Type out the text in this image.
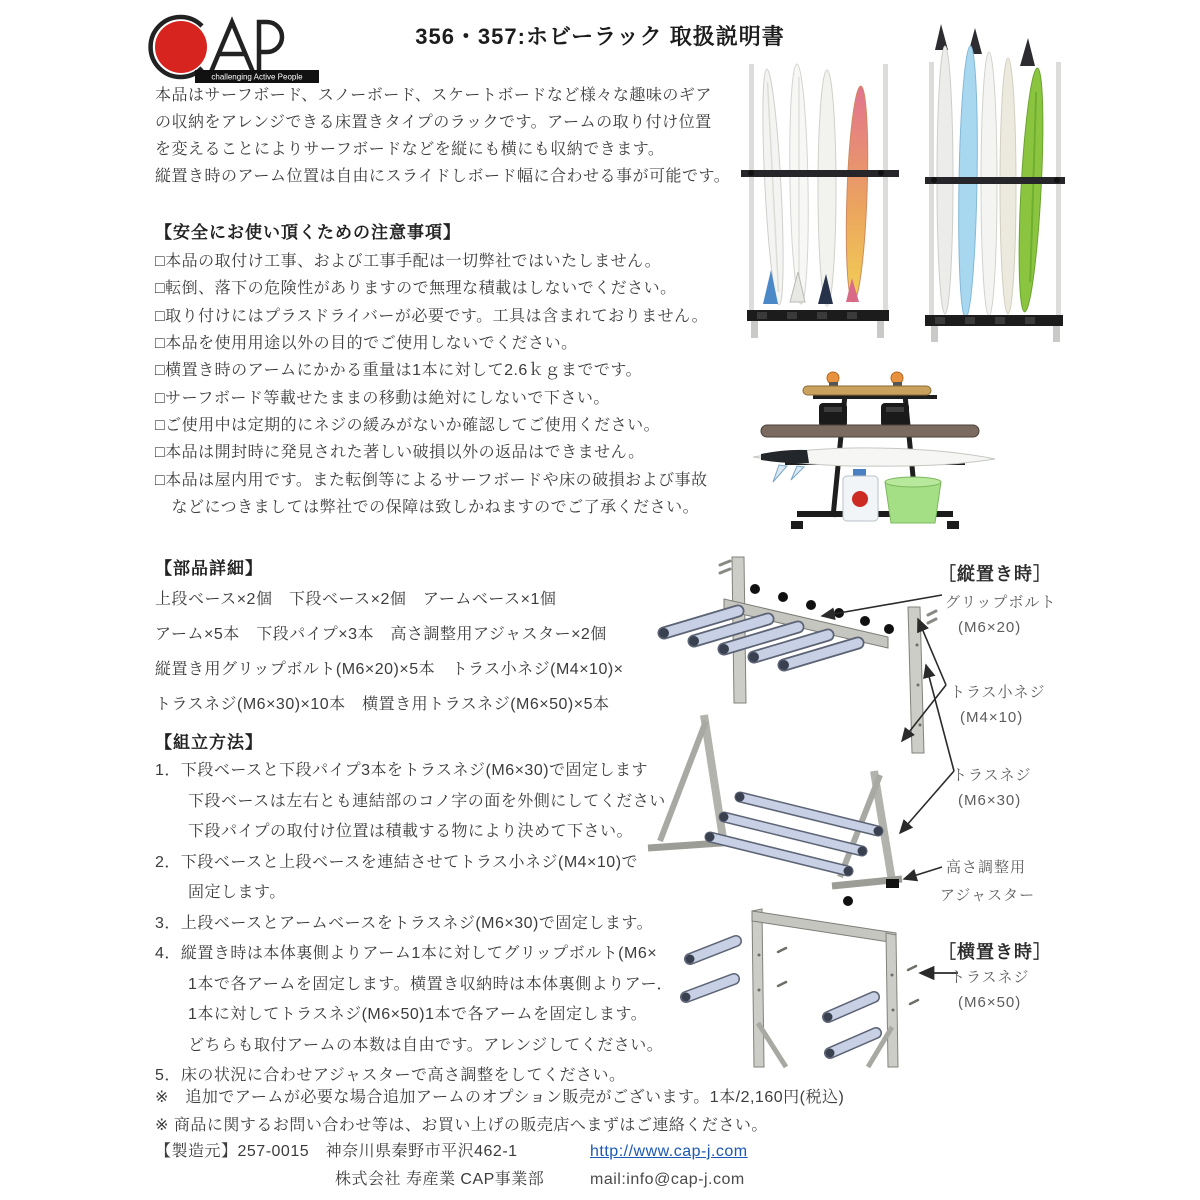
challenging Active People
356・357:ホビーラック 取扱説明書
本品はサーフボード、スノーボード、スケートボードなど様々な趣味のギア
の収納をアレンジできる床置きタイプのラックです。アームの取り付け位置
を変えることによりサーフボードなどを縦にも横にも収納できます。
縦置き時のアーム位置は自由にスライドしボード幅に合わせる事が可能です。
【安全にお使い頂くための注意事項】
□本品の取付け工事、および工事手配は一切弊社ではいたしません。
□転倒、落下の危険性がありますので無理な積載はしないでください。
□取り付けにはプラスドライバーが必要です。工具は含まれておりません。
□本品を使用用途以外の目的でご使用しないでください。
□横置き時のアームにかかる重量は1本に対して2.6ｋｇまでです。
□サーフボード等載せたままの移動は絶対にしないで下さい。
□ご使用中は定期的にネジの緩みがないか確認してご使用ください。
□本品は開封時に発見された著しい破損以外の返品はできません。
□本品は屋内用です。また転倒等によるサーフボードや床の破損および事故
　などにつきましては弊社での保障は致しかねますのでご了承ください。
【部品詳細】
上段ベース×2個　下段ベース×2個　アームベース×1個
アーム×5本　下段パイプ×3本　高さ調整用アジャスター×2個
縦置き用グリップボルト(M6×20)×5本　トラス小ネジ(M4×10)×
トラスネジ(M6×30)×10本　横置き用トラスネジ(M6×50)×5本
【組立方法】
1．下段ベースと下段パイプ3本をトラスネジ(M6×30)で固定します
　　下段ベースは左右とも連結部のコノ字の面を外側にしてください
　　下段パイプの取付け位置は積載する物により決めて下さい。
2．下段ベースと上段ベースを連結させてトラス小ネジ(M4×10)で
　　固定します。
3．上段ベースとアームベースをトラスネジ(M6×30)で固定します。
4．縦置き時は本体裏側よりアーム1本に対してグリップボルト(M6×
　　1本で各アームを固定します。横置き収納時は本体裏側よりアー．
　　1本に対してトラスネジ(M6×50)1本で各アームを固定します。
　　どちらも取付アームの本数は自由です。アレンジしてください。
5．床の状況に合わせアジャスターで高さ調整をしてください。
［縦置き時］
グリップボルト
(M6×20)
トラス小ネジ
(M4×10)
トラスネジ
(M6×30)
高さ調整用
アジャスター
［横置き時］
トラスネジ
(M6×50)
※　追加でアームが必要な場合追加アームのオプション販売がございます。1本/2,160円(税込)
※ 商品に関するお問い合わせ等は、お買い上げの販売店へまずはご連絡ください。
【製造元】257-0015　神奈川県秦野市平沢462-1	http://www.cap-j.com
株式会社 寿産業 CAP事業部	mail:info@cap-j.com
